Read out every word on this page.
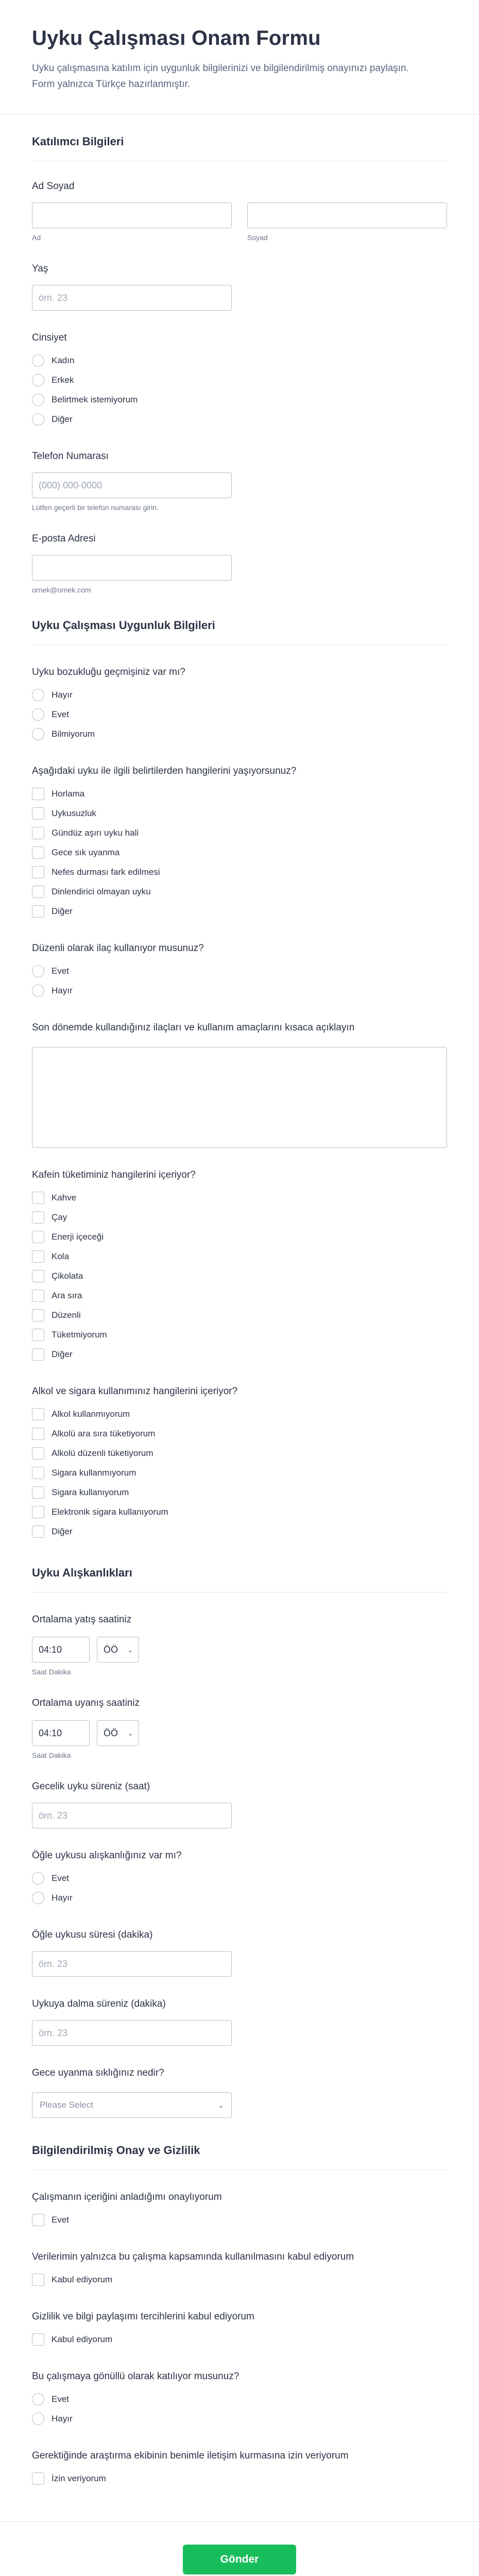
Uyku Çalışması Onam Formu

Uyku çalışmasına katılım için uygunluk bilgilerinizi ve bilgilendirilmiş onayınızı paylaşın. Form yalnızca Türkçe hazırlanmıştır.

Katılımcı Bilgileri
Ad Soyad
Ad	Soyad
Yaş
örn. 23
Cinsiyet
Kadın
Erkek
Belirtmek istemiyorum
Diğer
Telefon Numarası
(000) 000-0000
Lütfen geçerli bir telefon numarası girin.
E-posta Adresi
ornek@ornek.com
Uyku Çalışması Uygunluk Bilgileri
Uyku bozukluğu geçmişiniz var mı?
Hayır
Evet
Bilmiyorum
Aşağıdaki uyku ile ilgili belirtilerden hangilerini yaşıyorsunuz?
Horlama
Uykusuzluk
Gündüz aşırı uyku hali
Gece sık uyanma
Nefes durması fark edilmesi
Dinlendirici olmayan uyku
Diğer
Düzenli olarak ilaç kullanıyor musunuz?
Evet
Hayır
Son dönemde kullandığınız ilaçları ve kullanım amaçlarını kısaca açıklayın
Kafein tüketiminiz hangilerini içeriyor?
Kahve
Çay
Enerji içeceği
Kola
Çikolata
Ara sıra
Düzenli
Tüketmiyorum
Diğer
Alkol ve sigara kullanımınız hangilerini içeriyor?
Alkol kullanmıyorum
Alkolü ara sıra tüketiyorum
Alkolü düzenli tüketiyorum
Sigara kullanmıyorum
Sigara kullanıyorum
Elektronik sigara kullanıyorum
Diğer
Uyku Alışkanlıkları
Ortalama yatış saatiniz
04:10	ÖÖ ⌄
Saat Dakika
Ortalama uyanış saatiniz
04:10	ÖÖ ⌄
Saat Dakika
Gecelik uyku süreniz (saat)
örn. 23
Öğle uykusu alışkanlığınız var mı?
Evet
Hayır
Öğle uykusu süresi (dakika)
örn. 23
Uykuya dalma süreniz (dakika)
örn. 23
Gece uyanma sıklığınız nedir?
Please Select	⌄
Bilgilendirilmiş Onay ve Gizlilik
Çalışmanın içeriğini anladığımı onaylıyorum
Evet
Verilerimin yalnızca bu çalışma kapsamında kullanılmasını kabul ediyorum
Kabul ediyorum
Gizlilik ve bilgi paylaşımı tercihlerini kabul ediyorum
Kabul ediyorum
Bu çalışmaya gönüllü olarak katılıyor musunuz?
Evet
Hayır
Gerektiğinde araştırma ekibinin benimle iletişim kurmasına izin veriyorum
İzin veriyorum
Gönder
